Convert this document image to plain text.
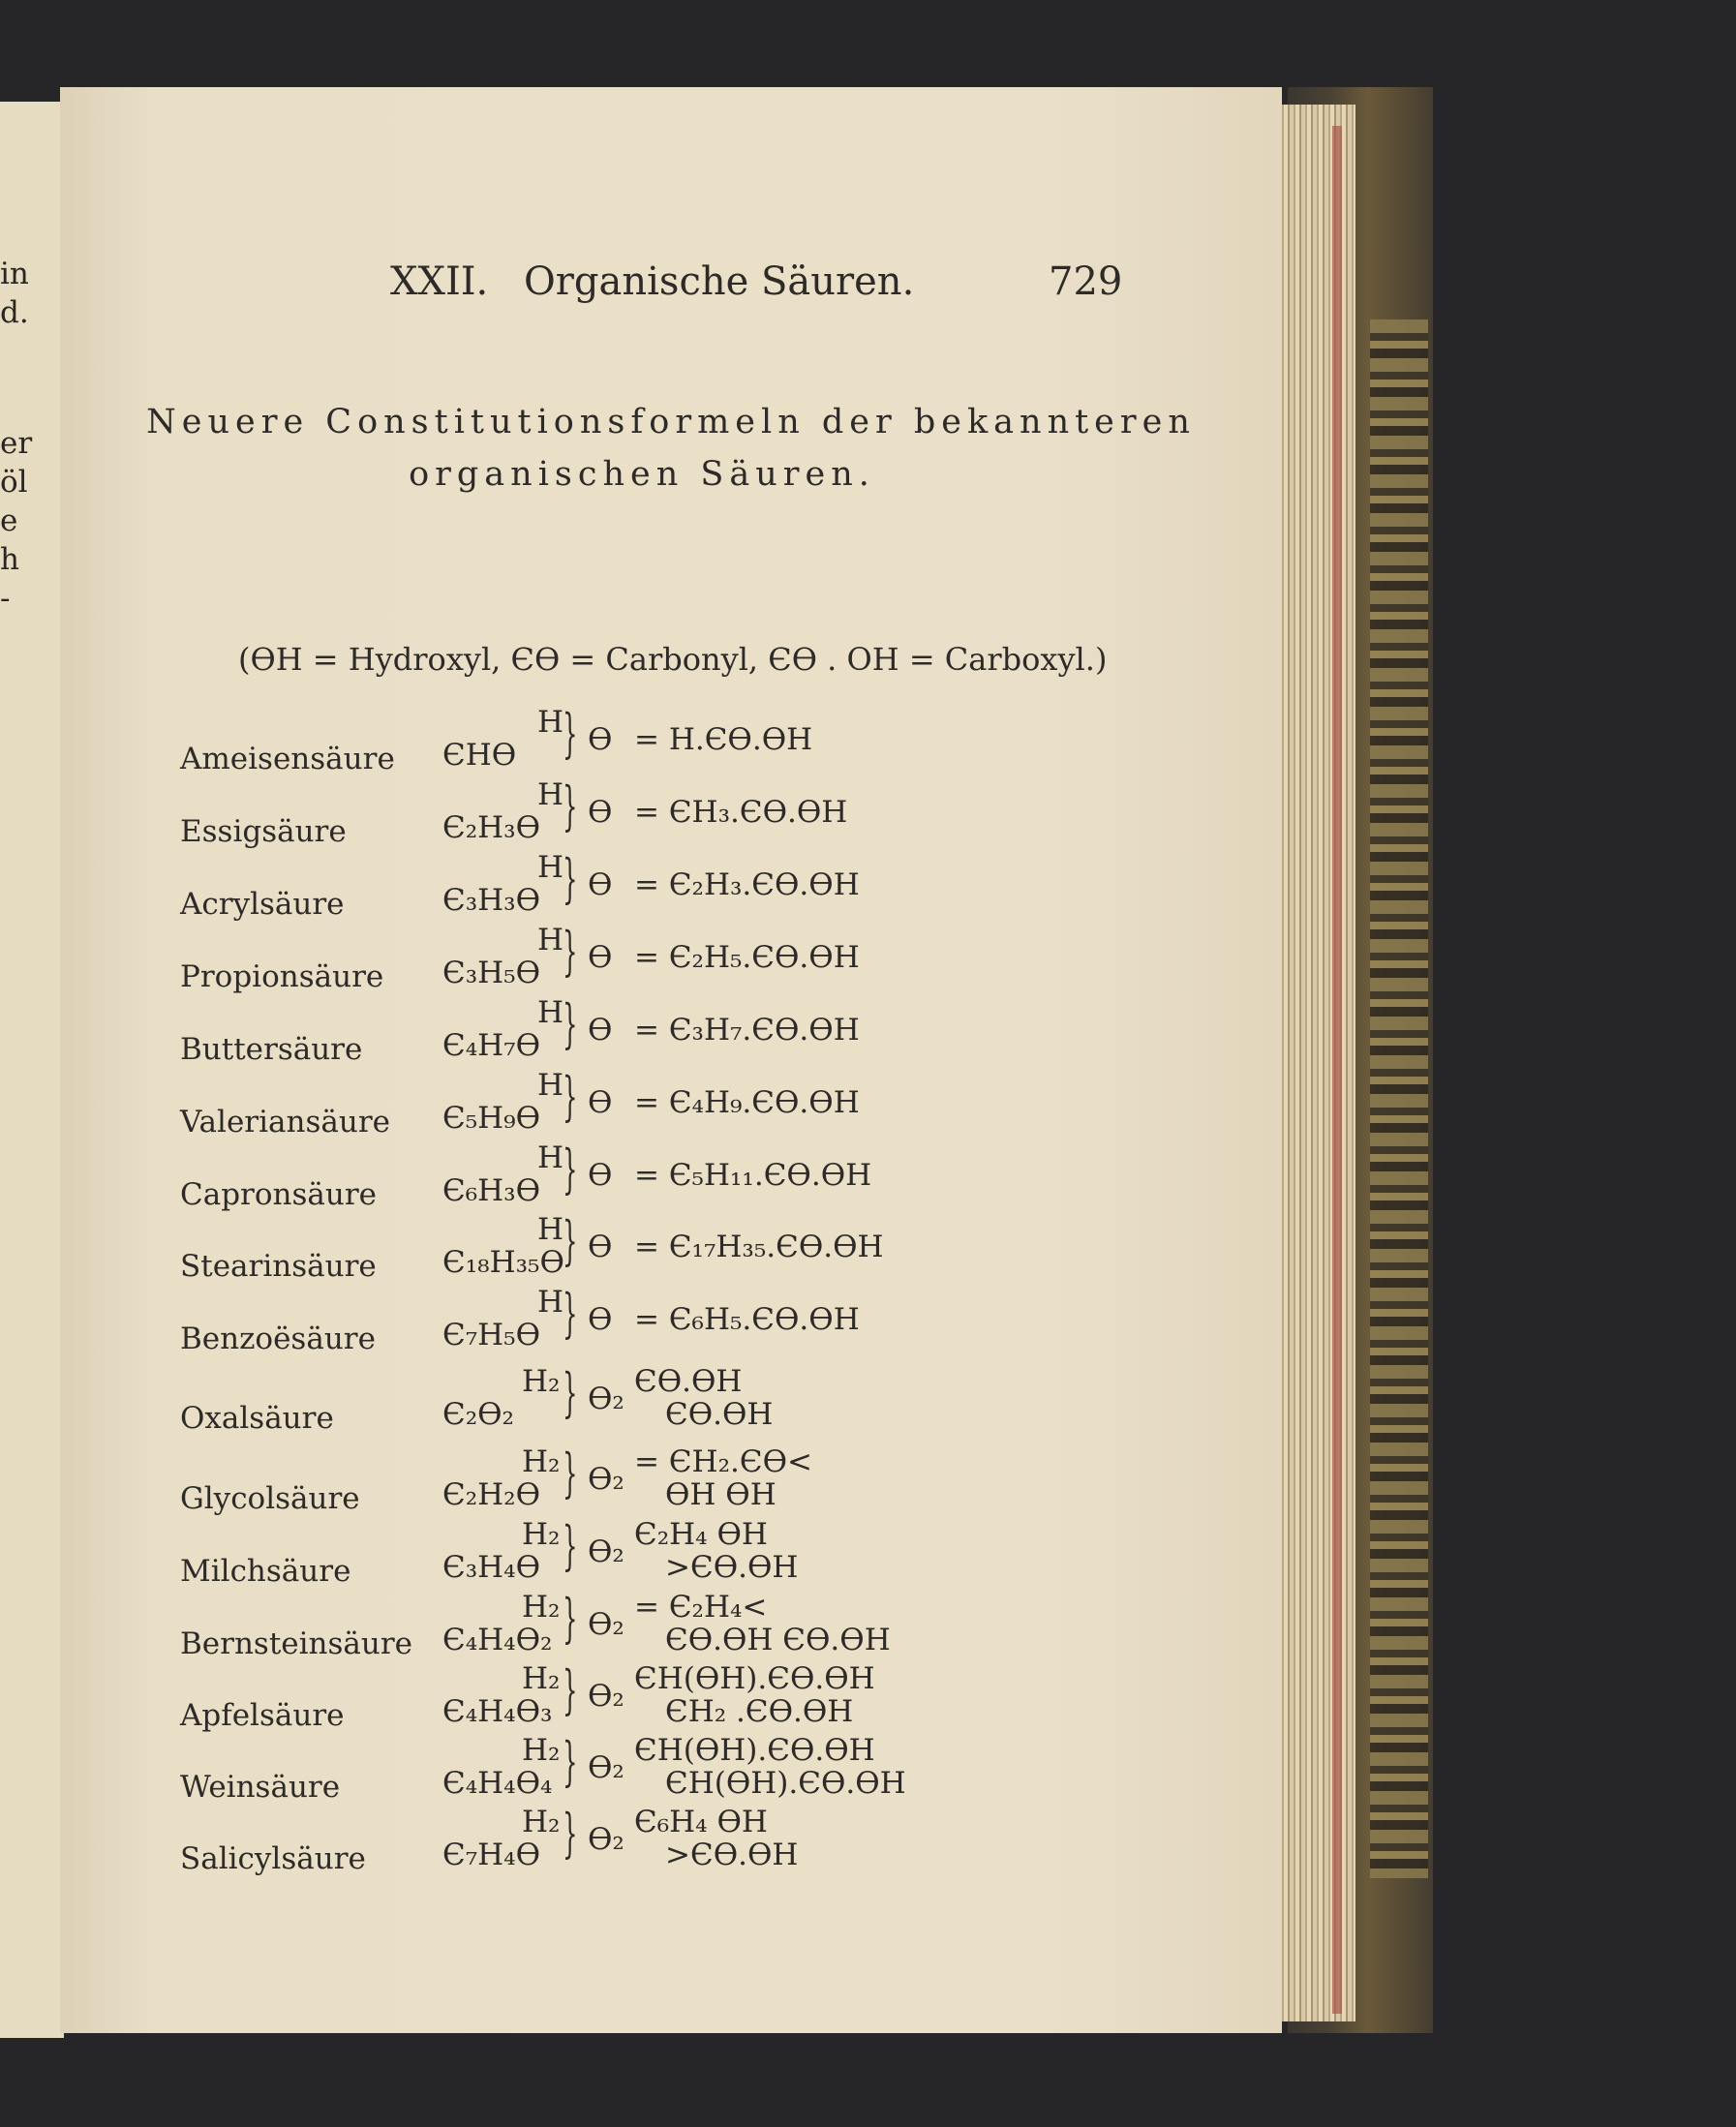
in
d.
er
öl
e
h
-
XXII. Organische Säuren.	729
Neuere Constitutionsformeln der bekannteren
organischen Säuren.
(ϴH = Hydroxyl, Єϴ = Carbonyl, Єϴ . OH = Carboxyl.)
Ameisensäure
H
ЄHϴ } ϴ = H.Єϴ.ϴH
Essigsäure
H
Є₂H₃ϴ } ϴ = ЄH₃.Єϴ.ϴH
Acrylsäure
H
Є₃H₃ϴ } ϴ = Є₂H₃.Єϴ.ϴH
Propionsäure
H
Є₃H₅ϴ } ϴ = Є₂H₅.Єϴ.ϴH
Buttersäure
H
Є₄H₇ϴ } ϴ = Є₃H₇.Єϴ.ϴH
Valeriansäure
H
Є₅H₉ϴ } ϴ = Є₄H₉.Єϴ.ϴH
Capronsäure
H
Є₆H₃ϴ } ϴ = Є₅H₁₁.Єϴ.ϴH
Stearinsäure
H
Є₁₈H₃₅ϴ
} ϴ = Є₁₇H₃₅.Єϴ.ϴH
Benzoësäure
H
Є₇H₅ϴ } ϴ = Є₆H₅.Єϴ.ϴH
Oxalsäure
H₂
Є₂ϴ₂ } ϴ₂ Єϴ.ϴH
Єϴ.ϴH
Glycolsäure
H₂
Є₂H₂ϴ } ϴ₂ = ЄH₂.Єϴ<
ϴH ϴH
Milchsäure
H₂
Є₃H₄ϴ } ϴ₂ Є₂H₄ ϴH
>Єϴ.ϴH
Bernsteinsäure
H₂
Є₄H₄ϴ₂ } ϴ₂ = Є₂H₄<
Єϴ.ϴH Єϴ.ϴH
Apfelsäure
H₂
Є₄H₄ϴ₃ } ϴ₂ ЄH(ϴH).Єϴ.ϴH
ЄH₂ .Єϴ.ϴH
Weinsäure
H₂
Є₄H₄ϴ₄ } ϴ₂ ЄH(ϴH).Єϴ.ϴH
ЄH(ϴH).Єϴ.ϴH
Salicylsäure
H₂
Є₇H₄ϴ } ϴ₂ Є₆H₄ ϴH
>Єϴ.ϴH
